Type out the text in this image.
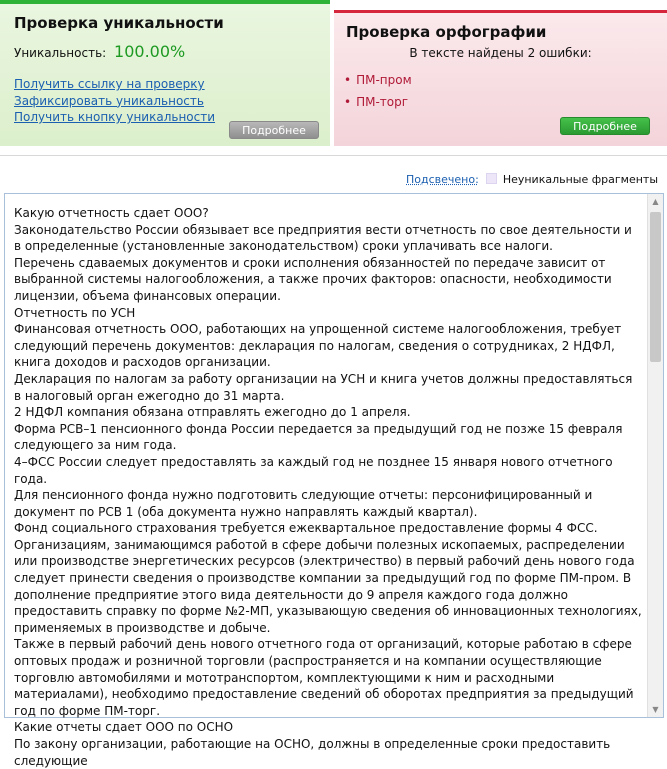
Проверка уникальности
Уникальность: 100.00%
Получить ссылку на проверку
Зафиксировать уникальность
Получить кнопку уникальности
Подробнее
Проверка орфографии
В тексте найдены 2 ошибки:
• ПМ-пром
• ПМ-торг
Подробнее
Подсвечено: Неуникальные фрагменты

Какую отчетность сдает ООО?

Законодательство России обязывает все предприятия вести отчетность по свое деятельности и в определенные (установленные законодательством) сроки уплачивать все налоги.

Перечень сдаваемых документов и сроки исполнения обязанностей по передаче зависит от выбранной системы налогообложения, а также прочих факторов: опасности, необходимости лицензии, объема финансовых операции.

Отчетность по УСН

Финансовая отчетность ООО, работающих на упрощенной системе налогообложения, требует следующий перечень документов: декларация по налогам, сведения о сотрудниках, 2 НДФЛ, книга доходов и расходов организации.

Декларация по налогам за работу организации на УСН и книга учетов должны предоставляться в налоговый орган ежегодно до 31 марта.

2 НДФЛ компания обязана отправлять ежегодно до 1 апреля.

Форма РСВ–1 пенсионного фонда России передается за предыдущий год не позже 15 февраля следующего за ним года.

4–ФСС России следует предоставлять за каждый год не позднее 15 января нового отчетного года.

Для пенсионного фонда нужно подготовить следующие отчеты: персонифицированный и документ по РСВ 1 (оба документа нужно направлять каждый квартал).

Фонд социального страхования требуется ежеквартальное предоставление формы 4 ФСС.

Организациям, занимающимся работой в сфере добычи полезных ископаемых, распределении или производстве энергетических ресурсов (электричество) в первый рабочий день нового года следует принести сведения о производстве компании за предыдущий год по форме ПМ-пром. В дополнение предприятие этого вида деятельности до 9 апреля каждого года должно предоставить справку по форме №2-МП, указывающую сведения об инновационных технологиях, применяемых в производстве и добыче.

Также в первый рабочий день нового отчетного года от организаций, которые работаю в сфере оптовых продаж и розничной торговли (распространяется и на компании осуществляющие торговлю автомобилями и мототранспортом, комплектующими к ним и расходными материалами), необходимо предоставление сведений об оборотах предприятия за предыдущий год по форме ПМ-торг.

Какие отчеты сдает ООО по ОСНО

По закону организации, работающие на ОСНО, должны в определенные сроки предоставить следующие

▲
▼
